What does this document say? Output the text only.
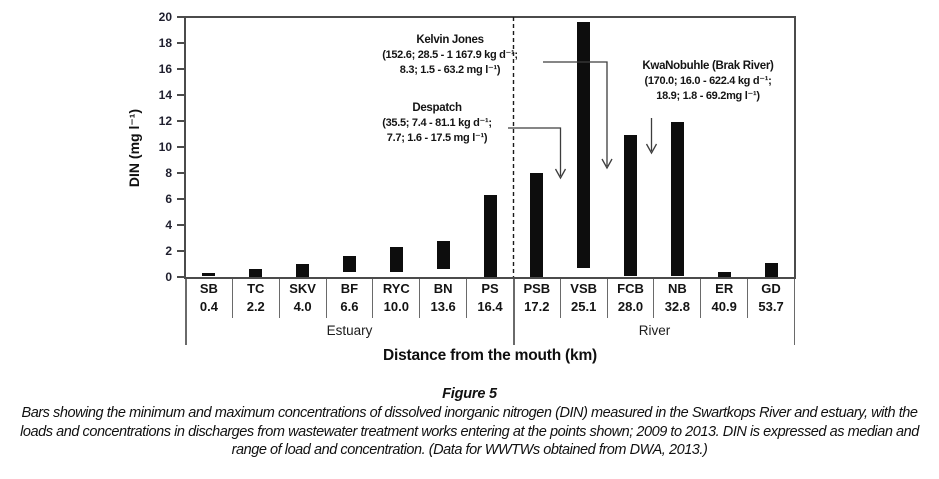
DIN (mg l⁻¹)
0
2
4
6
8
10
12
14
16
18
20
Kelvin Jones
(152.6; 28.5 - 1 167.9 kg d⁻¹;
8.3; 1.5 - 63.2 mg l⁻¹)
Despatch
(35.5; 7.4 - 81.1 kg d⁻¹;
7.7; 1.6 - 17.5 mg l⁻¹)
KwaNobuhle (Brak River)
(170.0; 16.0 - 622.4 kg d⁻¹;
18.9; 1.8 - 69.2mg l⁻¹)
SB
0.4
TC
2.2
SKV
4.0
BF
6.6
RYC
10.0
BN
13.6
PS
16.4
PSB
17.2
VSB
25.1
FCB
28.0
NB
32.8
ER
40.9
GD
53.7
Estuary	River
Distance from the mouth (km)
Figure 5
Bars showing the minimum and maximum concentrations of dissolved inorganic nitrogen (DIN) measured in the Swartkops River and estuary, with the
loads and concentrations in discharges from wastewater treatment works entering at the points shown; 2009 to 2013. DIN is expressed as median and
range of load and concentration. (Data for WWTWs obtained from DWA, 2013.)
